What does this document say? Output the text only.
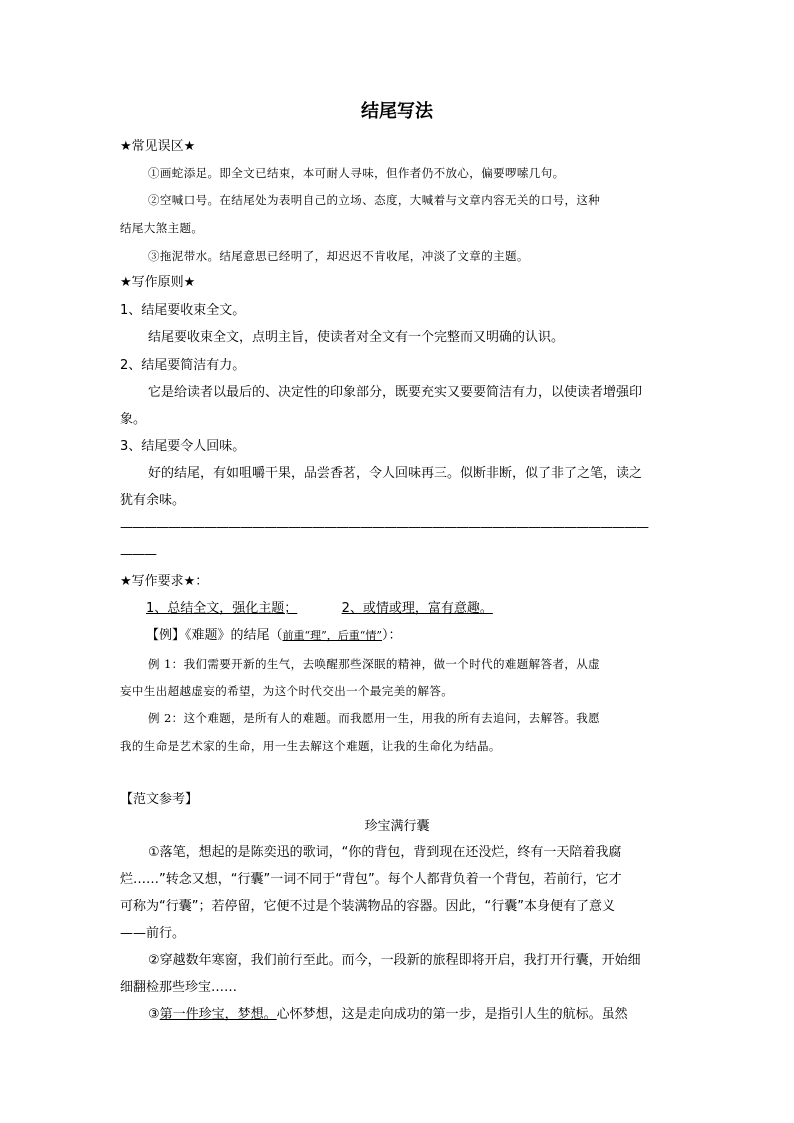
结尾写法
★常见误区★
①画蛇添足。即全文已结束，本可耐人寻味，但作者仍不放心，偏要啰嗦几句。
②空喊口号。在结尾处为表明自己的立场、态度，大喊着与文章内容无关的口号，这种
结尾大煞主题。
③拖泥带水。结尾意思已经明了，却迟迟不肯收尾，冲淡了文章的主题。
★写作原则★
1、结尾要收束全文。
结尾要收束全文，点明主旨，使读者对全文有一个完整而又明确的认识。
2、结尾要简洁有力。
它是给读者以最后的、决定性的印象部分，既要充实又要要简洁有力，以使读者增强印
象。
3、结尾要令人回味。
好的结尾，有如咀嚼干果，品尝香茗，令人回味再三。似断非断，似了非了之笔，读之
犹有余味。
————————————————————————————————————————————
———
★写作要求★：
1、总结全文，强化主题；	2、或情或理，富有意趣。
【例】《难题》的结尾（前重“理”，后重“情”）：
例 1：我们需要开新的生气，去唤醒那些深眠的精神，做一个时代的难题解答者，从虚
妄中生出超越虚妄的希望，为这个时代交出一个最完美的解答。
例 2：这个难题，是所有人的难题。而我愿用一生，用我的所有去追问，去解答。我愿
我的生命是艺术家的生命，用一生去解这个难题，让我的生命化为结晶。
【范文参考】
珍宝满行囊
①落笔，想起的是陈奕迅的歌词，“你的背包，背到现在还没烂，终有一天陪着我腐
烂……”转念又想，“行囊”一词不同于“背包”。每个人都背负着一个背包，若前行，它才
可称为“行囊”；若停留，它便不过是个装满物品的容器。因此，“行囊”本身便有了意义
——前行。
②穿越数年寒窗，我们前行至此。而今，一段新的旅程即将开启，我打开行囊，开始细
细翻检那些珍宝……
③第一件珍宝，梦想。心怀梦想，这是走向成功的第一步，是指引人生的航标。虽然
